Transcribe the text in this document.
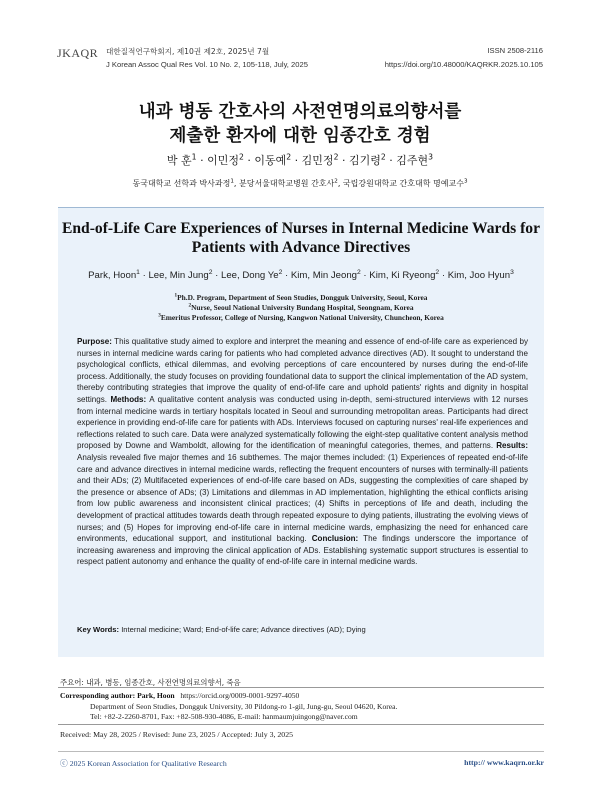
JKAQR 대한질적연구학회지, 제10권 제2호, 2025년 7월
J Korean Assoc Qual Res Vol. 10 No. 2, 105-118, July, 2025
ISSN 2508-2116
https://doi.org/10.48000/KAQRKR.2025.10.105
내과 병동 간호사의 사전연명의료의향서를
제출한 환자에 대한 임종간호 경험
박 훈$^1$ · 이민정$^2$ · 이동예$^2$ · 김민정$^2$ · 김기령$^2$ · 김주현$^3$
동국대학교 선학과 박사과정$^1$, 분당서울대학교병원 간호사$^2$, 국립강원대학교 간호대학 명예교수$^3$
End-of-Life Care Experiences of Nurses in Internal Medicine Wards for
Patients with Advance Directives
Park, Hoon$^1$ · Lee, Min Jung$^2$ · Lee, Dong $Ye^2$ · Kim, Min Jeong$^2$ · Kim, Ki Ryeong$^2$ · Kim, Joo Hyun$^3$
$^1$Ph.D. Program, Department of Seon Studies, Dongguk University, Seoul, Korea
$^2$Nurse, Seoul National University Bundang Hospital, Seongnam, Korea
$^3$Emeritus Professor, College of Nursing, Kangwon National University, Chuncheon, Korea
Purpose: This qualitative study aimed to explore and interpret the meaning and essence of end-of-life care as experienced by nurses in internal medicine wards caring for patients who had completed advance directives (AD). It sought to understand the psychological conflicts, ethical dilemmas, and evolving perceptions of care encountered by nurses during the end-of-life process. Additionally, the study focuses on providing foundational data to support the clinical implementation of the AD system, thereby contributing strategies that improve the quality of end-of-life care and uphold patients' rights and dignity in hospital settings. Methods: A qualitative content analysis was conducted using in-depth, semi-structured interviews with 12 nurses from internal medicine wards in tertiary hospitals located in Seoul and surrounding metropolitan areas. Participants had direct experience in providing end-of-life care for patients with ADs. Interviews focused on capturing nurses' real-life experiences and reflections related to such care. Data were analyzed systematically following the eight-step qualitative content analysis method proposed by Downe and Wamboldt, allowing for the identification of meaningful categories, themes, and patterns. Results: Analysis revealed five major themes and 16 subthemes. The major themes included: (1) Experiences of repeated end-of-life care and advance directives in internal medicine wards, reflecting the frequent encounters of nurses with terminally-ill patients and their ADs; (2) Multifaceted experiences of end-of-life care based on ADs, suggesting the complexities of care shaped by the presence or absence of ADs; (3) Limitations and dilemmas in AD implementation, highlighting the ethical conflicts arising from low public awareness and inconsistent clinical practices; (4) Shifts in perceptions of life and death, including the development of practical attitudes towards death through repeated exposure to dying patients, illustrating the evolving views of nurses; and (5) Hopes for improving end-of-life care in internal medicine wards, emphasizing the need for enhanced care environments, educational support, and institutional backing. Conclusion: The findings underscore the importance of increasing awareness and improving the clinical application of ADs. Establishing systematic support structures is essential to respect patient autonomy and enhance the quality of end-of-life care in internal medicine wards.
Key Words: Internal medicine; Ward; End-of-life care; Advance directives (AD); Dying
주요어: 내과, 병동, 임종간호, 사전연명의료의향서, 죽음
Corresponding author: Park, Hoon https://orcid.org/0009-0001-9297-4050
Department of Seon Studies, Dongguk University, 30 Pildong-ro 1-gil, Jung-gu, Seoul 04620, Korea.
Tel: +82-2-2260-8701, Fax: +82-508-930-4086, E-mail: hanmaumjuingong@naver.com
Received: May 28, 2025 / Revised: June 23, 2025 / Accepted: July 3, 2025
ⓒ 2025 Korean Association for Qualitative Research	http:// www.kaqrn.or.kr
